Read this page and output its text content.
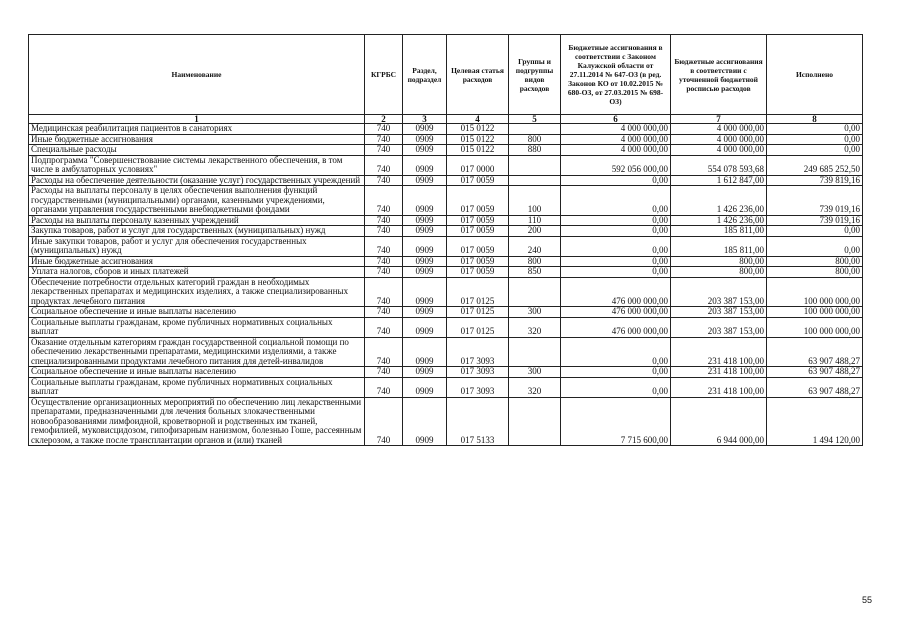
Наименование	КГРБС	Раздел, подраздел	Целевая статья расходов	Группы и подгруппы видов расходов	Бюджетные ассигнования в соответствии с Законом Калужской области от 27.11.2014 № 647-ОЗ (в ред. Законов КО от 10.02.2015 № 680-ОЗ, от 27.03.2015 № 698-ОЗ)	Бюджетные ассигнования в соответствии с уточненной бюджетной росписью расходов	Исполнено
1	2	3	4	5	6	7	8
Медицинская реабилитация пациентов в санаториях	740	0909	015 0122		4 000 000,00	4 000 000,00	0,00
Иные бюджетные ассигнования	740	0909	015 0122	800	4 000 000,00	4 000 000,00	0,00
Специальные расходы	740	0909	015 0122	880	4 000 000,00	4 000 000,00	0,00
Подпрограмма "Совершенствование системы лекарственного обеспечения, в том числе в амбулаторных условиях"	740	0909	017 0000		592 056 000,00	554 078 593,68	249 685 252,50
Расходы на обеспечение деятельности (оказание услуг) государственных учреждений	740	0909	017 0059		0,00	1 612 847,00	739 819,16
Расходы на выплаты персоналу в целях обеспечения выполнения функций государственными (муниципальными) органами, казенными учреждениями, органами управления государственными внебюджетными фондами	740	0909	017 0059	100	0,00	1 426 236,00	739 019,16
Расходы на выплаты персоналу казенных учреждений	740	0909	017 0059	110	0,00	1 426 236,00	739 019,16
Закупка товаров, работ и услуг для государственных (муниципальных) нужд	740	0909	017 0059	200	0,00	185 811,00	0,00
Иные закупки товаров, работ и услуг для обеспечения государственных (муниципальных) нужд	740	0909	017 0059	240	0,00	185 811,00	0,00
Иные бюджетные ассигнования	740	0909	017 0059	800	0,00	800,00	800,00
Уплата налогов, сборов и иных платежей	740	0909	017 0059	850	0,00	800,00	800,00
Обеспечение потребности отдельных категорий граждан в необходимых лекарственных препаратах и медицинских изделиях, а также специализированных продуктах лечебного питания	740	0909	017 0125		476 000 000,00	203 387 153,00	100 000 000,00
Социальное обеспечение и иные выплаты населению	740	0909	017 0125	300	476 000 000,00	203 387 153,00	100 000 000,00
Социальные выплаты гражданам, кроме публичных нормативных социальных выплат	740	0909	017 0125	320	476 000 000,00	203 387 153,00	100 000 000,00
Оказание отдельным категориям граждан государственной социальной помощи по обеспечению лекарственными препаратами, медицинскими изделиями, а также специализированными продуктами лечебного питания для детей-инвалидов	740	0909	017 3093		0,00	231 418 100,00	63 907 488,27
Социальное обеспечение и иные выплаты населению	740	0909	017 3093	300	0,00	231 418 100,00	63 907 488,27
Социальные выплаты гражданам, кроме публичных нормативных социальных выплат	740	0909	017 3093	320	0,00	231 418 100,00	63 907 488,27
Осуществление организационных мероприятий по обеспечению лиц лекарственными препаратами, предназначенными для лечения больных злокачественными новообразованиями лимфоидной, кроветворной и родственных им тканей, гемофилией, муковисцидозом, гипофизарным нанизмом, болезнью Гоше, рассеянным склерозом, а также после трансплантации органов и (или) тканей	740	0909	017 5133		7 715 600,00	6 944 000,00	1 494 120,00
55
